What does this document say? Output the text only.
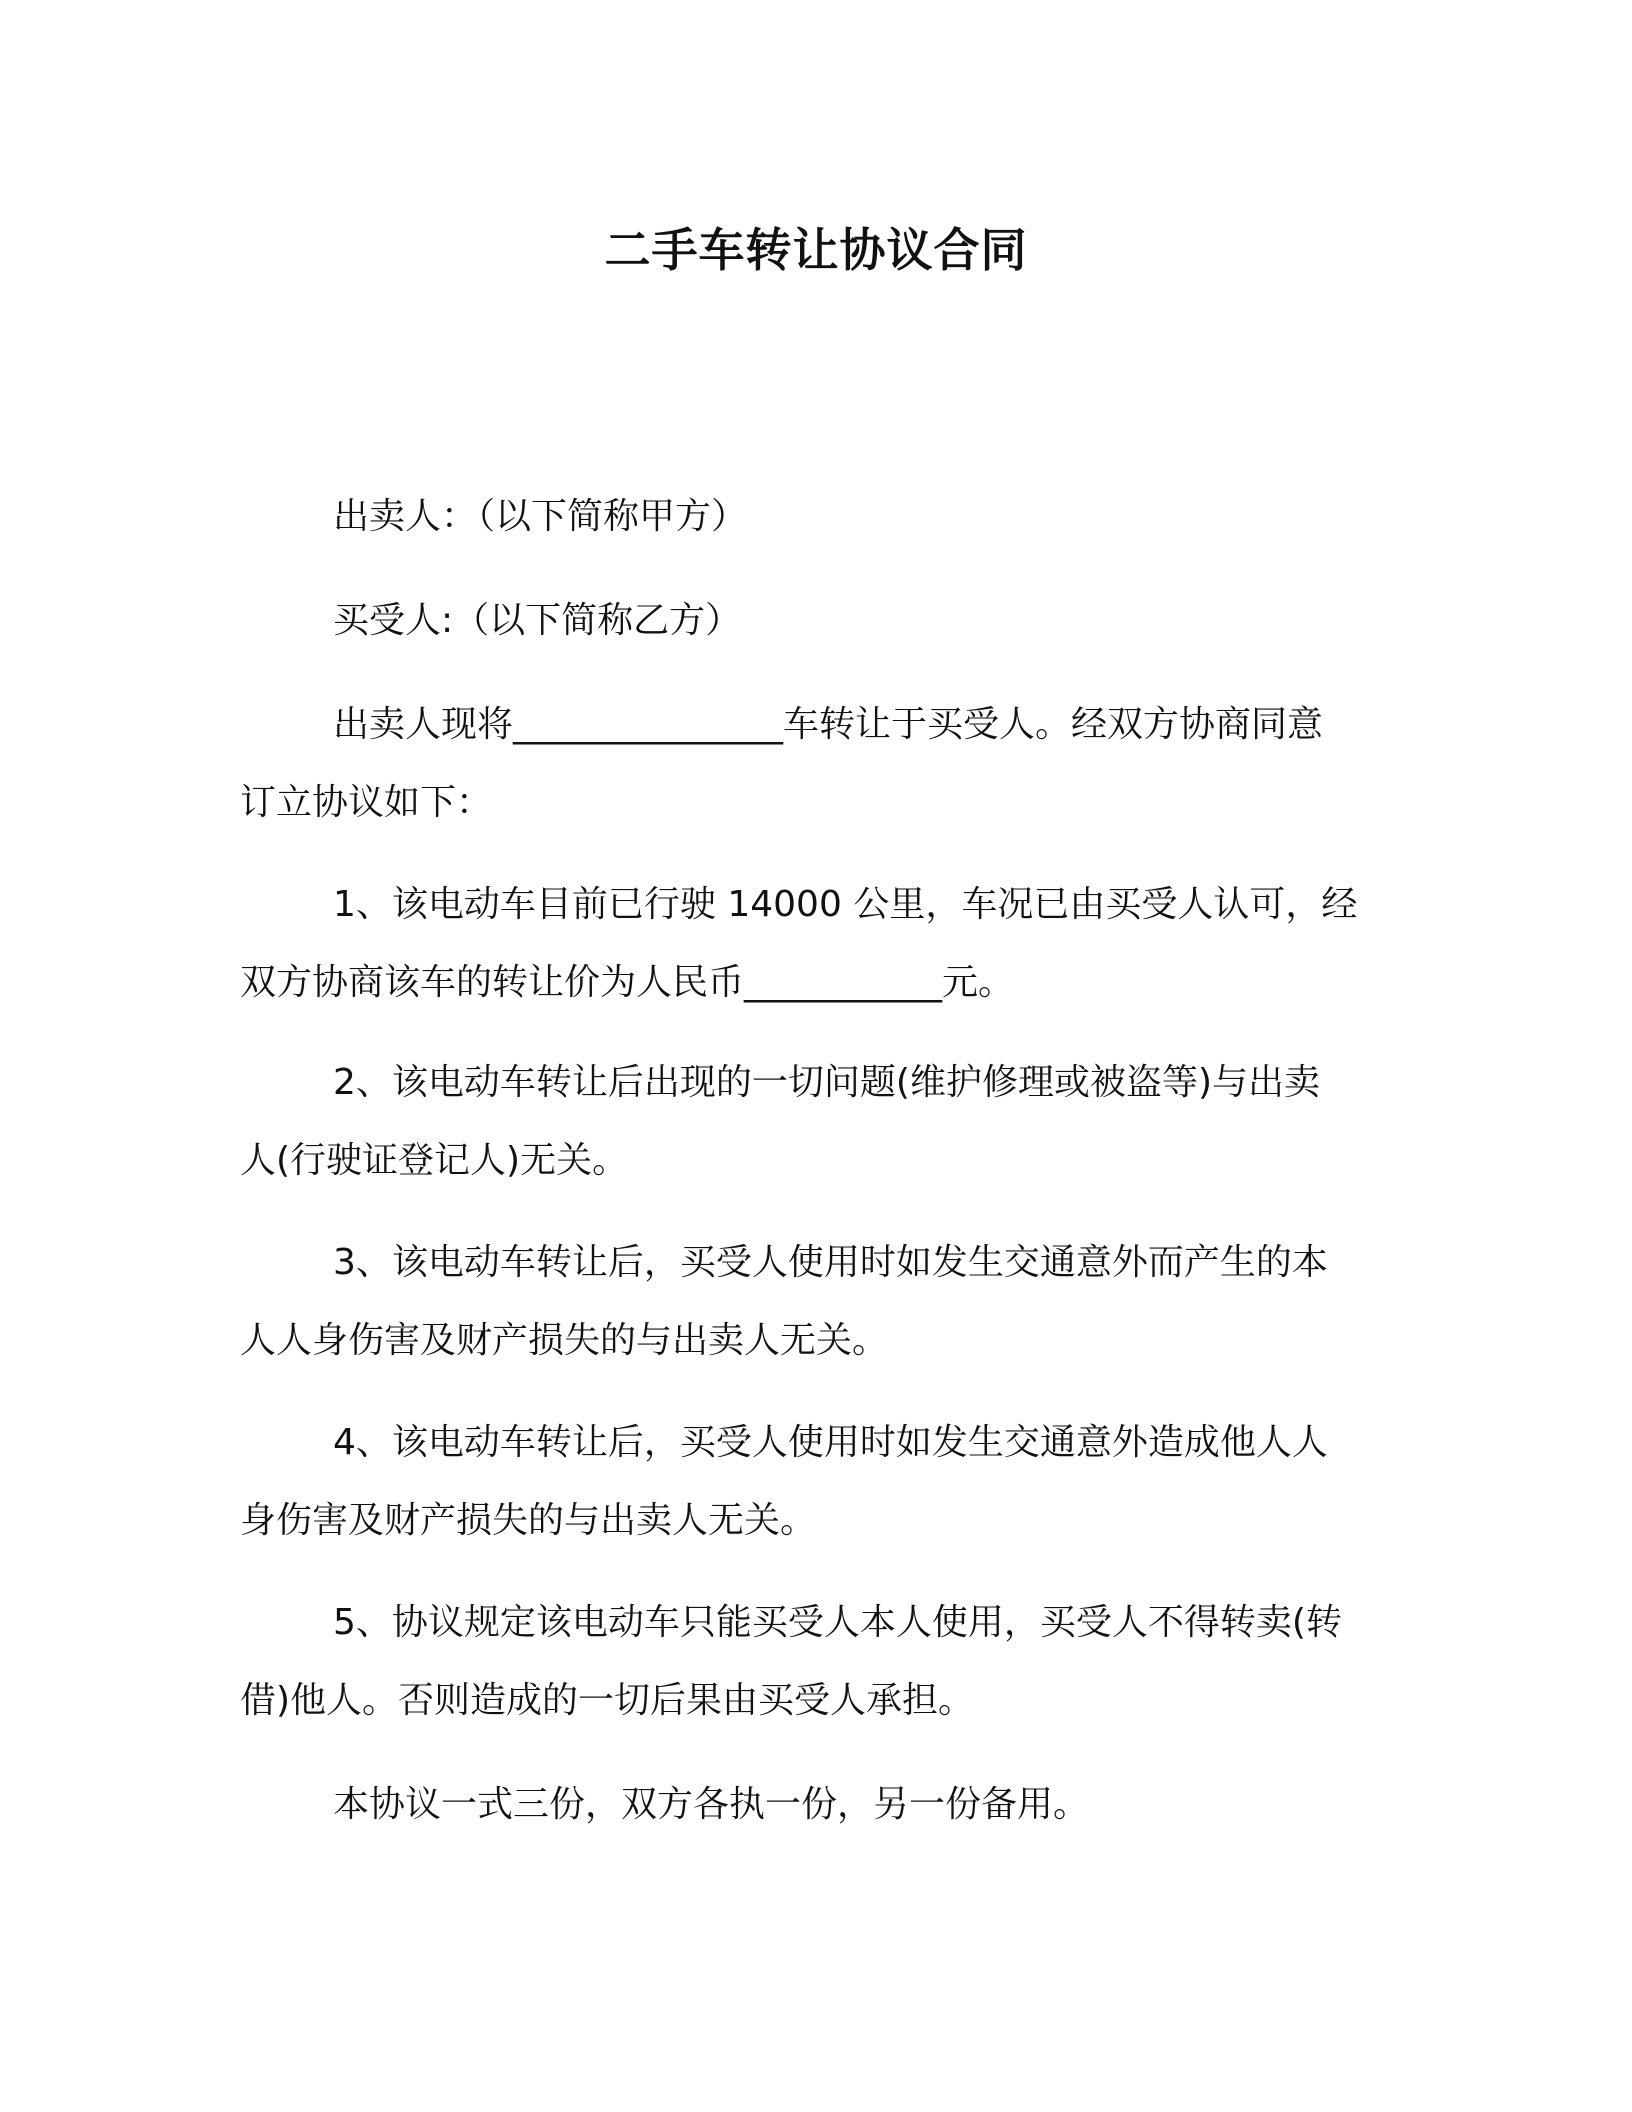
二手车转让协议合同
出卖人：（以下简称甲方）
买受人:（以下简称乙方）
出卖人现将_______________车转让于买受人。经双方协商同意
订立协议如下：
1、该电动车目前已行驶 14000 公里，车况已由买受人认可，经
双方协商该车的转让价为人民币___________元。
2、该电动车转让后出现的一切问题(维护修理或被盗等)与出卖
人(行驶证登记人)无关。
3、该电动车转让后，买受人使用时如发生交通意外而产生的本
人人身伤害及财产损失的与出卖人无关。
4、该电动车转让后，买受人使用时如发生交通意外造成他人人
身伤害及财产损失的与出卖人无关。
5、协议规定该电动车只能买受人本人使用，买受人不得转卖(转
借)他人。否则造成的一切后果由买受人承担。
本协议一式三份，双方各执一份，另一份备用。
